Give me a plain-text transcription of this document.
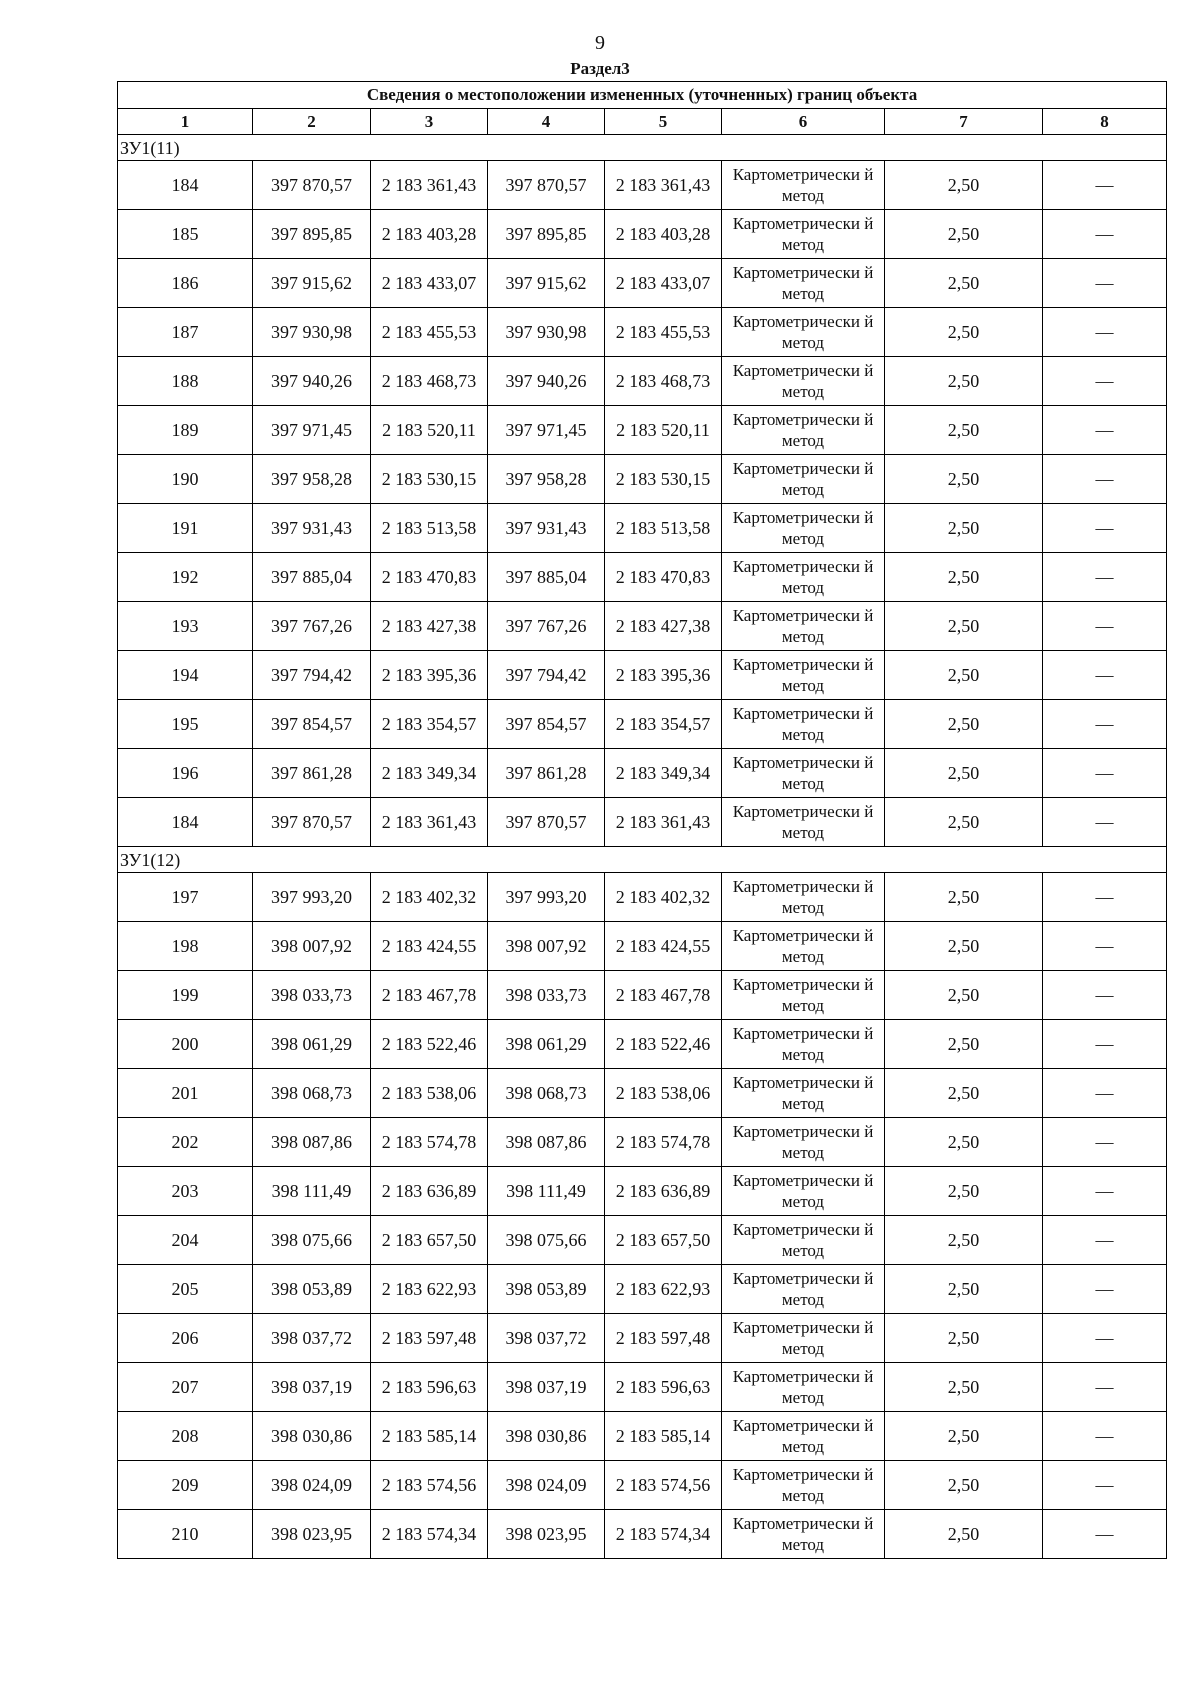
9
Раздел3
Сведения о местоположении измененных (уточненных) границ объекта							
1	2	3	4	5	6	7	8
ЗУ1(11)							
184	397 870,57	2 183 361,43	397 870,57	2 183 361,43	Картометрически й метод	2,50	—
185	397 895,85	2 183 403,28	397 895,85	2 183 403,28	Картометрически й метод	2,50	—
186	397 915,62	2 183 433,07	397 915,62	2 183 433,07	Картометрически й метод	2,50	—
187	397 930,98	2 183 455,53	397 930,98	2 183 455,53	Картометрически й метод	2,50	—
188	397 940,26	2 183 468,73	397 940,26	2 183 468,73	Картометрически й метод	2,50	—
189	397 971,45	2 183 520,11	397 971,45	2 183 520,11	Картометрически й метод	2,50	—
190	397 958,28	2 183 530,15	397 958,28	2 183 530,15	Картометрически й метод	2,50	—
191	397 931,43	2 183 513,58	397 931,43	2 183 513,58	Картометрически й метод	2,50	—
192	397 885,04	2 183 470,83	397 885,04	2 183 470,83	Картометрически й метод	2,50	—
193	397 767,26	2 183 427,38	397 767,26	2 183 427,38	Картометрически й метод	2,50	—
194	397 794,42	2 183 395,36	397 794,42	2 183 395,36	Картометрически й метод	2,50	—
195	397 854,57	2 183 354,57	397 854,57	2 183 354,57	Картометрически й метод	2,50	—
196	397 861,28	2 183 349,34	397 861,28	2 183 349,34	Картометрически й метод	2,50	—
184	397 870,57	2 183 361,43	397 870,57	2 183 361,43	Картометрически й метод	2,50	—
ЗУ1(12)							
197	397 993,20	2 183 402,32	397 993,20	2 183 402,32	Картометрически й метод	2,50	—
198	398 007,92	2 183 424,55	398 007,92	2 183 424,55	Картометрически й метод	2,50	—
199	398 033,73	2 183 467,78	398 033,73	2 183 467,78	Картометрически й метод	2,50	—
200	398 061,29	2 183 522,46	398 061,29	2 183 522,46	Картометрически й метод	2,50	—
201	398 068,73	2 183 538,06	398 068,73	2 183 538,06	Картометрически й метод	2,50	—
202	398 087,86	2 183 574,78	398 087,86	2 183 574,78	Картометрически й метод	2,50	—
203	398 111,49	2 183 636,89	398 111,49	2 183 636,89	Картометрически й метод	2,50	—
204	398 075,66	2 183 657,50	398 075,66	2 183 657,50	Картометрически й метод	2,50	—
205	398 053,89	2 183 622,93	398 053,89	2 183 622,93	Картометрически й метод	2,50	—
206	398 037,72	2 183 597,48	398 037,72	2 183 597,48	Картометрически й метод	2,50	—
207	398 037,19	2 183 596,63	398 037,19	2 183 596,63	Картометрически й метод	2,50	—
208	398 030,86	2 183 585,14	398 030,86	2 183 585,14	Картометрически й метод	2,50	—
209	398 024,09	2 183 574,56	398 024,09	2 183 574,56	Картометрически й метод	2,50	—
210	398 023,95	2 183 574,34	398 023,95	2 183 574,34	Картометрически й метод	2,50	—
